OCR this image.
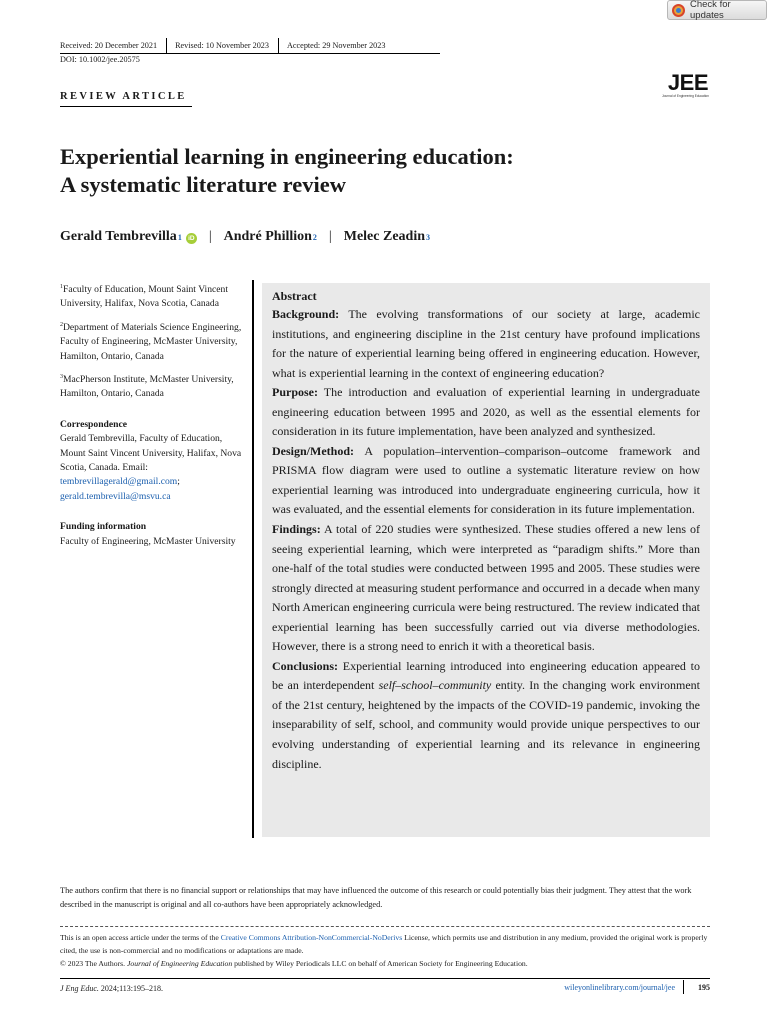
Check for updates
Received: 20 December 2021 Revised: 10 November 2023 Accepted: 29 November 2023
DOI: 10.1002/jee.20575
REVIEW ARTICLE
JEE
Journal of Engineering Education
Experiential learning in engineering education:
A systematic literature review
Gerald Tembrevilla 1 iD | André Phillion 2 | Melec Zeadin 3
$^1$Faculty of Education, Mount Saint Vincent University, Halifax, Nova Scotia, Canada
$^2$Department of Materials Science Engineering, Faculty of Engineering, McMaster University, Hamilton, Ontario, Canada
$^3$MacPherson Institute, McMaster University, Hamilton, Ontario, Canada
Correspondence
Gerald Tembrevilla, Faculty of Education, Mount Saint Vincent University, Halifax, Nova Scotia, Canada. Email: tembrevillagerald@gmail.com; gerald.tembrevilla@msvu.ca
Funding information
Faculty of Engineering, McMaster University
Abstract

Background: The evolving transformations of our society at large, academic institutions, and engineering discipline in the 21st century have profound implications for the nature of experiential learning being offered in engineering education. However, what is experiential learning in the context of engineering education?

Purpose: The introduction and evaluation of experiential learning in undergraduate engineering education between 1995 and 2020, as well as the essential elements for consideration in its future implementation, have been analyzed and synthesized.

Design/Method: A population–intervention–comparison–outcome framework and PRISMA flow diagram were used to outline a systematic literature review on how experiential learning was introduced into undergraduate engineering curricula, how it was evaluated, and the essential elements for consideration in its future implementation.

Findings: A total of 220 studies were synthesized. These studies offered a new lens of seeing experiential learning, which were interpreted as “paradigm shifts.” More than one-half of the total studies were conducted between 1995 and 2005. These studies were strongly directed at measuring student performance and occurred in a decade when many North American engineering curricula were being restructured. The review indicated that experiential learning has been successfully carried out via diverse methodologies. However, there is a strong need to enrich it with a theoretical basis.

Conclusions: Experiential learning introduced into engineering education appeared to be an interdependent self–school–community entity. In the changing work environment of the 21st century, heightened by the impacts of the COVID-19 pandemic, invoking the inseparability of self, school, and community would provide unique perspectives to our evolving understanding of experiential learning and its relevance in engineering discipline.

The authors confirm that there is no financial support or relationships that may have influenced the outcome of this research or could potentially bias their judgment. They attest that the work described in the manuscript is original and all co-authors have been appropriately acknowledged.
This is an open access article under the terms of the Creative Commons Attribution-NonCommercial-NoDerivs License, which permits use and distribution in any medium, provided the original work is properly cited, the use is non-commercial and no modifications or adaptations are made.
© 2023 The Authors. Journal of Engineering Education published by Wiley Periodicals LLC on behalf of American Society for Engineering Education.
J Eng Educ. 2024;113:195–218.	wileyonlinelibrary.com/journal/jee	195
